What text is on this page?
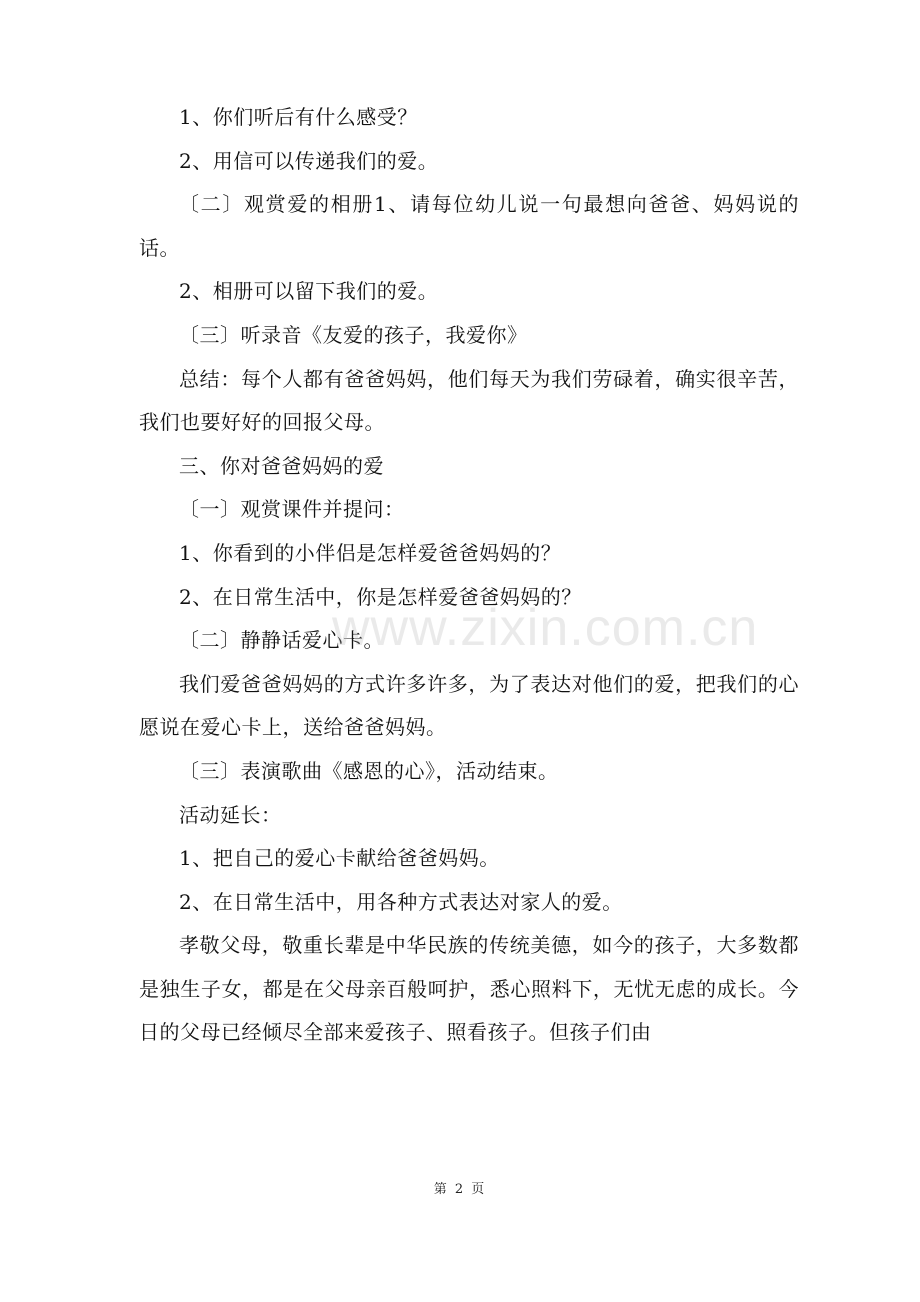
1、你们听后有什么感受？

2、用信可以传递我们的爱。

〔二〕观赏爱的相册1、请每位幼儿说一句最想向爸爸、妈妈说的话。

2、相册可以留下我们的爱。

〔三〕听录音《友爱的孩子，我爱你》

总结：每个人都有爸爸妈妈，他们每天为我们劳碌着，确实很辛苦，我们也要好好的回报父母。

三、你对爸爸妈妈的爱

〔一〕观赏课件并提问：

1、你看到的小伴侣是怎样爱爸爸妈妈的？

2、在日常生活中，你是怎样爱爸爸妈妈的？

〔二〕静静话爱心卡。

我们爱爸爸妈妈的方式许多许多，为了表达对他们的爱，把我们的心愿说在爱心卡上，送给爸爸妈妈。

〔三〕表演歌曲《感恩的心》，活动结束。

活动延长：

1、把自己的爱心卡献给爸爸妈妈。

2、在日常生活中，用各种方式表达对家人的爱。

孝敬父母，敬重长辈是中华民族的传统美德，如今的孩子，大多数都是独生子女，都是在父母亲百般呵护，悉心照料下，无忧无虑的成长。今日的父母已经倾尽全部来爱孩子、照看孩子。但孩子们由

www.zixin.com.cn
第 2 页
